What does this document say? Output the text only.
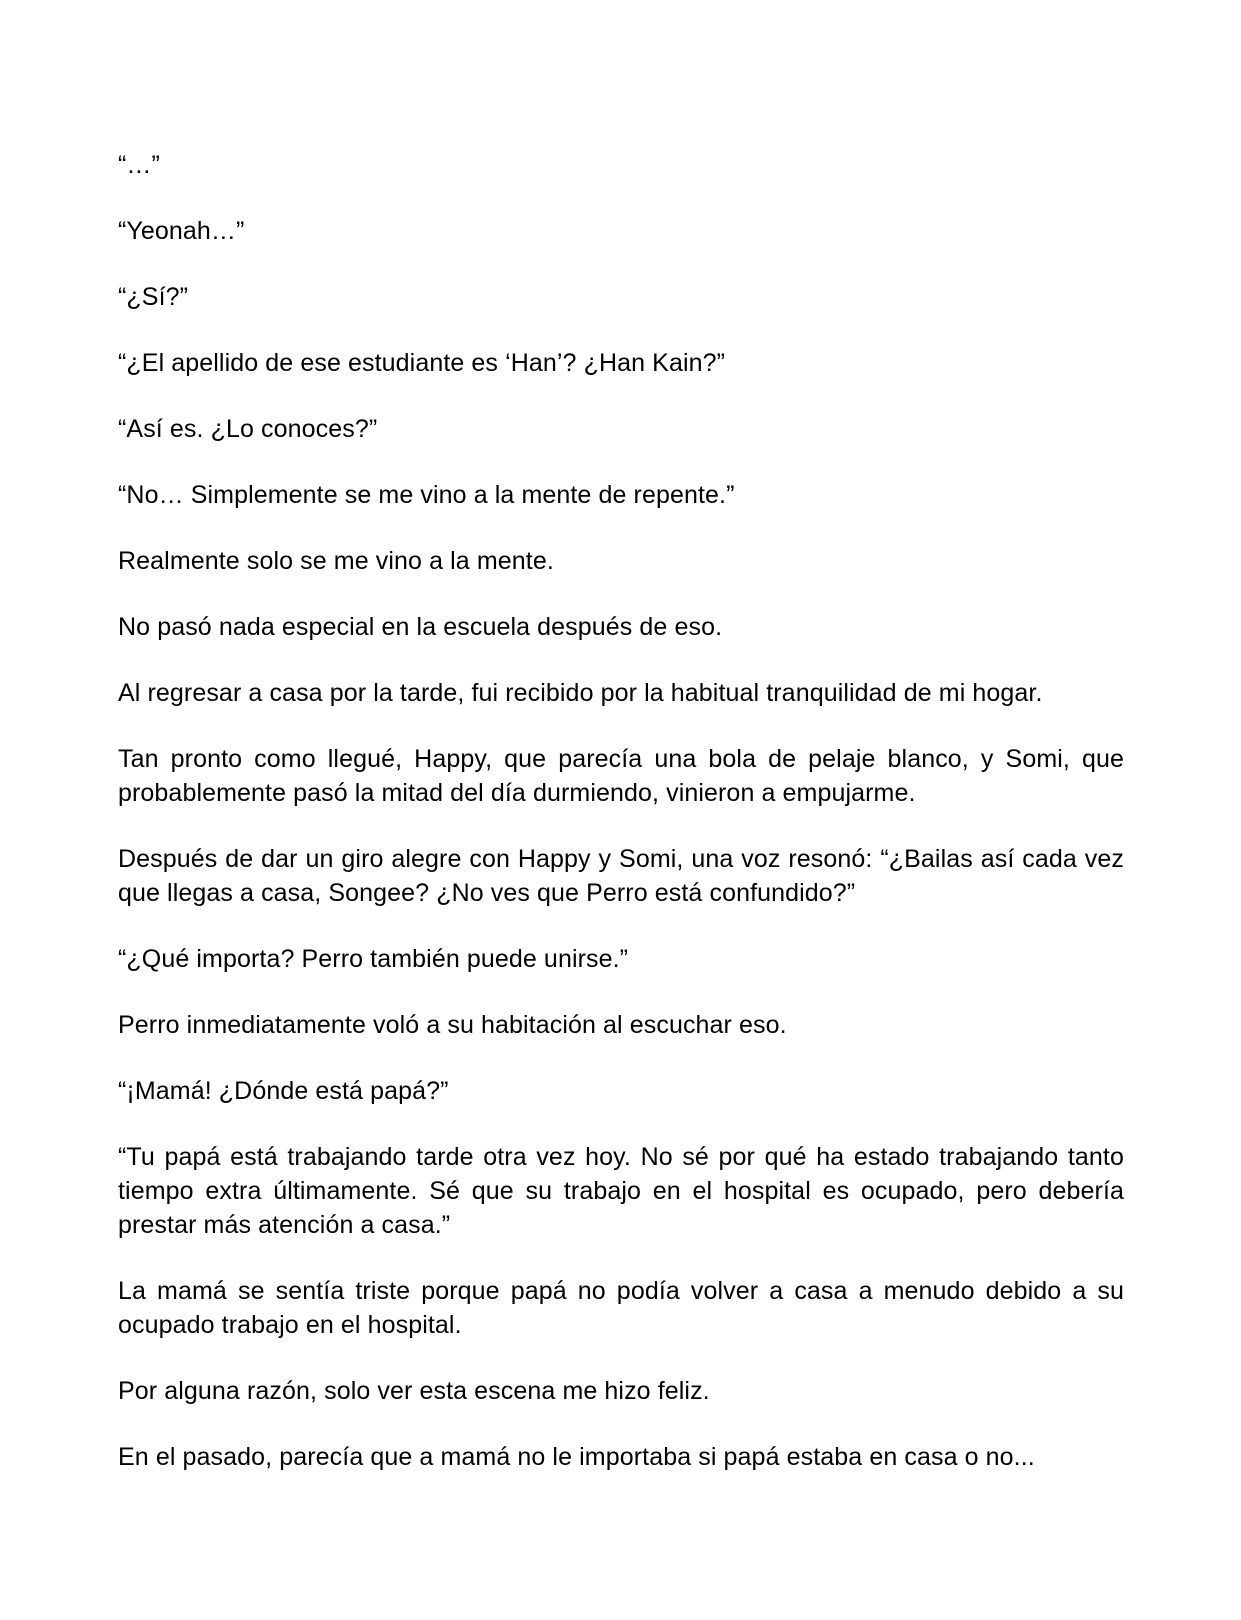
“…”

“Yeonah…”

“¿Sí?”

“¿El apellido de ese estudiante es ‘Han’? ¿Han Kain?”

“Así es. ¿Lo conoces?”

“No… Simplemente se me vino a la mente de repente.”

Realmente solo se me vino a la mente.

No pasó nada especial en la escuela después de eso.

Al regresar a casa por la tarde, fui recibido por la habitual tranquilidad de mi hogar.

Tan pronto como llegué, Happy, que parecía una bola de pelaje blanco, y Somi, que probablemente pasó la mitad del día durmiendo, vinieron a empujarme.

Después de dar un giro alegre con Happy y Somi, una voz resonó: “¿Bailas así cada vez que llegas a casa, Songee? ¿No ves que Perro está confundido?”

“¿Qué importa? Perro también puede unirse.”

Perro inmediatamente voló a su habitación al escuchar eso.

“¡Mamá! ¿Dónde está papá?”

“Tu papá está trabajando tarde otra vez hoy. No sé por qué ha estado trabajando tanto tiempo extra últimamente. Sé que su trabajo en el hospital es ocupado, pero debería prestar más atención a casa.”

La mamá se sentía triste porque papá no podía volver a casa a menudo debido a su ocupado trabajo en el hospital.

Por alguna razón, solo ver esta escena me hizo feliz.

En el pasado, parecía que a mamá no le importaba si papá estaba en casa o no...
